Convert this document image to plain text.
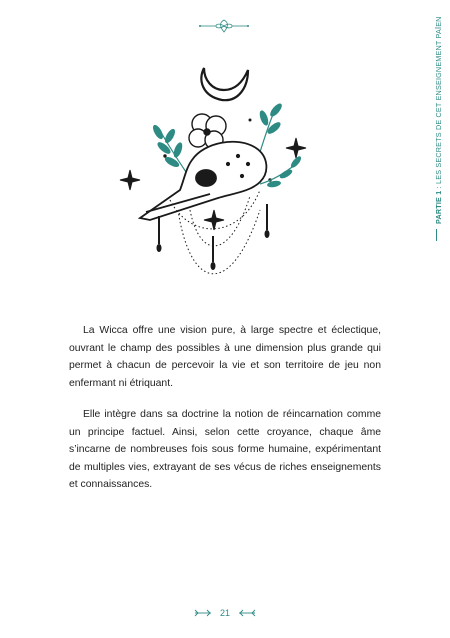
PARTIE 1 : LES SECRETS DE CET ENSEIGNEMENT PAÏEN

La Wicca offre une vision pure, à large spectre et éclectique, ouvrant le champ des possibles à une dimension plus grande qui permet à chacun de percevoir la vie et son territoire de jeu non enfermant ni étriquant.

Elle intègre dans sa doctrine la notion de réincarnation comme un principe factuel. Ainsi, selon cette croyance, chaque âme s’incarne de nombreuses fois sous forme humaine, expérimentant de multiples vies, extrayant de ses vécus de riches enseignements et connaissances.

21
